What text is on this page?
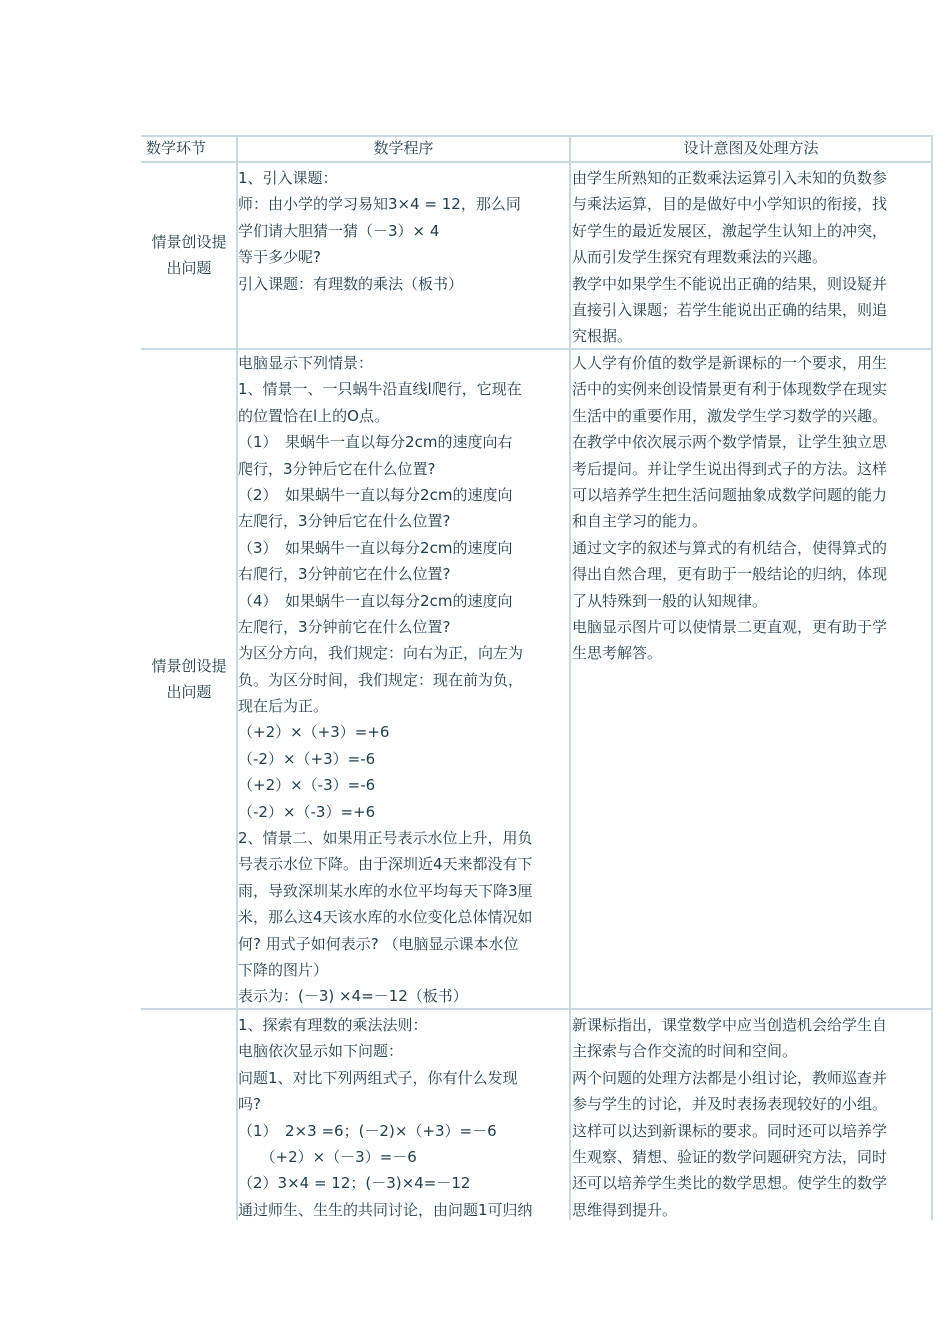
数学环节	数学程序	设计意图及处理方法
情景创设提
出问题
情景创设提
出问题
1、引入课题：
师：由小学的学习易知3×4 = 12，那么同
学们请大胆猜一猜（－3）× 4
等于多少呢?
引入课题：有理数的乘法（板书）
由学生所熟知的正数乘法运算引入未知的负数参
与乘法运算，目的是做好中小学知识的衔接，找
好学生的最近发展区，激起学生认知上的冲突，
从而引发学生探究有理数乘法的兴趣。
教学中如果学生不能说出正确的结果，则设疑并
直接引入课题；若学生能说出正确的结果，则追
究根据。
电脑显示下列情景：
1、情景一、一只蜗牛沿直线l爬行，它现在
的位置恰在l上的O点。
（1）　果蜗牛一直以每分2cm的速度向右
爬行，3分钟后它在什么位置?
（2）　如果蜗牛一直以每分2cm的速度向
左爬行，3分钟后它在什么位置?
（3）　如果蜗牛一直以每分2cm的速度向
右爬行，3分钟前它在什么位置?
（4）　如果蜗牛一直以每分2cm的速度向
左爬行，3分钟前它在什么位置?
为区分方向，我们规定：向右为正，向左为
负。为区分时间，我们规定：现在前为负，
现在后为正。
（+2）×（+3）=+6
（-2）×（+3）=-6
（+2）×（-3）=-6
（-2）×（-3）=+6
2、情景二、如果用正号表示水位上升，用负
号表示水位下降。由于深圳近4天来都没有下
雨，导致深圳某水库的水位平均每天下降3厘
米，那么这4天该水库的水位变化总体情况如
何? 用式子如何表示? （电脑显示课本水位
下降的图片）
表示为：(－3) ×4=－12（板书）
人人学有价值的数学是新课标的一个要求，用生
活中的实例来创设情景更有利于体现数学在现实
生活中的重要作用，激发学生学习数学的兴趣。
在教学中依次展示两个数学情景，让学生独立思
考后提问。并让学生说出得到式子的方法。这样
可以培养学生把生活问题抽象成数学问题的能力
和自主学习的能力。
通过文字的叙述与算式的有机结合，使得算式的
得出自然合理，更有助于一般结论的归纳，体现
了从特殊到一般的认知规律。
电脑显示图片可以使情景二更直观，更有助于学
生思考解答。
1、探索有理数的乘法法则：
电脑依次显示如下问题：
问题1、对比下列两组式子，你有什么发现
吗?
（1）　2×3 =6；(－2)×（+3）=－6
　　（+2）×（－3）=－6
（2）3×4 = 12；(－3)×4=－12
通过师生、生生的共同讨论，由问题1可归纳
新课标指出，课堂数学中应当创造机会给学生自
主探索与合作交流的时间和空间。
两个问题的处理方法都是小组讨论，教师巡查并
参与学生的讨论，并及时表扬表现较好的小组。
这样可以达到新课标的要求。同时还可以培养学
生观察、猜想、验证的数学问题研究方法，同时
还可以培养学生类比的数学思想。使学生的数学
思维得到提升。
